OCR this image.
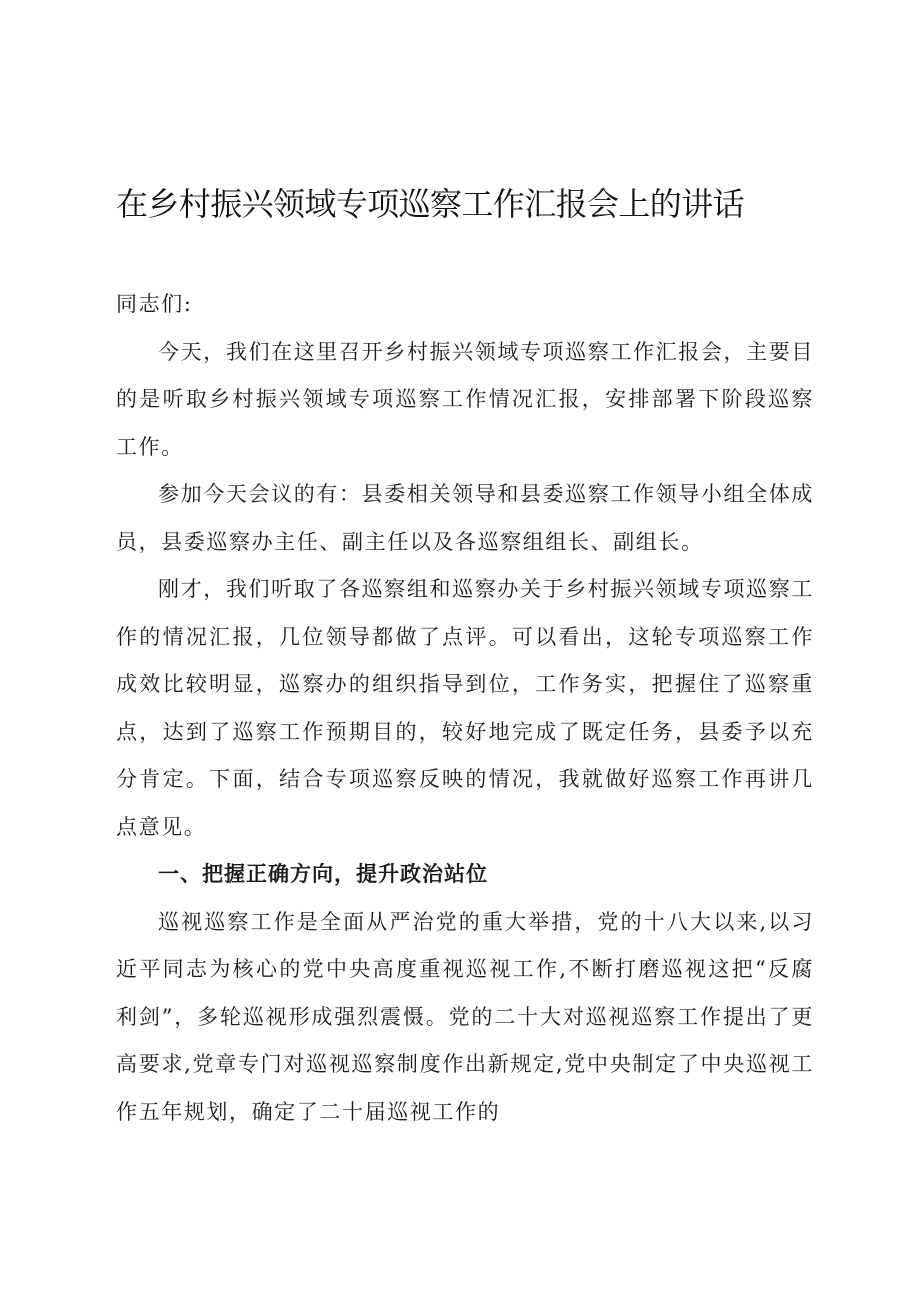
在乡村振兴领域专项巡察工作汇报会上的讲话

同志们:

今天，我们在这里召开乡村振兴领域专项巡察工作汇报会，主要目的是听取乡村振兴领域专项巡察工作情况汇报，安排部署下阶段巡察工作。

参加今天会议的有：县委相关领导和县委巡察工作领导小组全体成员，县委巡察办主任、副主任以及各巡察组组长、副组长。

刚才，我们听取了各巡察组和巡察办关于乡村振兴领域专项巡察工作的情况汇报，几位领导都做了点评。可以看出，这轮专项巡察工作成效比较明显，巡察办的组织指导到位，工作务实，把握住了巡察重点，达到了巡察工作预期目的，较好地完成了既定任务，县委予以充分肯定。下面，结合专项巡察反映的情况，我就做好巡察工作再讲几点意见。

一、把握正确方向，提升政治站位

巡视巡察工作是全面从严治党的重大举措，党的十八大以来,以习近平同志为核心的党中央高度重视巡视工作,不断打磨巡视这把“反腐利剑”，多轮巡视形成强烈震慑。党的二十大对巡视巡察工作提出了更高要求,党章专门对巡视巡察制度作出新规定,党中央制定了中央巡视工作五年规划，确定了二十届巡视工作的
